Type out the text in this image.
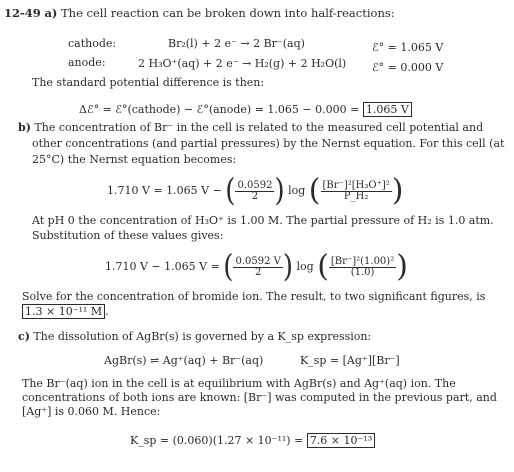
12-49 a) The cell reaction can be broken down into half-reactions:
cathode:	Br₂(l) + 2 e⁻ → 2 Br⁻(aq)	ℰ° = 1.065 V
anode:	2 H₃O⁺(aq) + 2 e⁻ → H₂(g) + 2 H₂O(l) ℰ° = 0.000 V
The standard potential difference is then:
Δℰ° = ℰ°(cathode) − ℰ°(anode) = 1.065 − 0.000 = 1.065 V
b) The concentration of Br⁻ in the cell is related to the measured cell potential and
other concentrations (and partial pressures) by the Nernst equation. For this cell (at
25°C) the Nernst equation becomes:
1.710 V = 1.065 V − ( $\frac{0.0592}{2}$ ) log ( $\frac{\text{[Br⁻]²[H₃O⁺]²}}{\text{P\_H₂}}$ )
At pH 0 the concentration of H₃O⁺ is 1.00 M. The partial pressure of H₂ is 1.0 atm.
Substitution of these values gives:
1.710 V − 1.065 V = ( $\frac{0.0592 V}{2}$ ) log ( $\frac{\text{[Br⁻]²(1.00)²}}{(1.0)}$ )
Solve for the concentration of bromide ion. The result, to two significant figures, is
1.3 × 10⁻¹¹ M .
c) The dissolution of AgBr(s) is governed by a K_sp expression:
AgBr(s) ⇌ Ag⁺(aq) + Br⁻(aq)	K_sp = [Ag⁺][Br⁻]
The Br⁻(aq) ion in the cell is at equilibrium with AgBr(s) and Ag⁺(aq) ion. The
concentrations of both ions are known: [Br⁻] was computed in the previous part, and
[Ag⁺] is 0.060 M. Hence:
K_sp = (0.060)(1.27 × 10⁻¹¹) = 7.6 × 10⁻¹³
